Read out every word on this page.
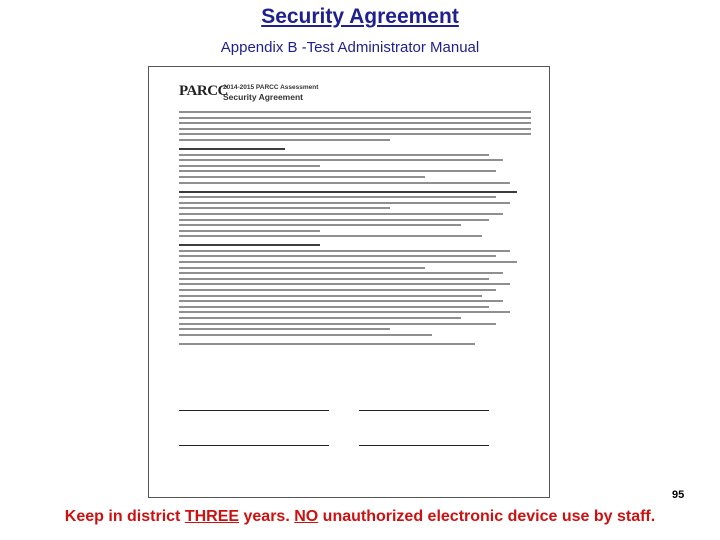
Security Agreement
Appendix B -Test Administrator Manual
PARCC
2014-2015 PARCC Assessment
Security Agreement
95
Keep in district THREE years. NO unauthorized electronic device use by staff.
